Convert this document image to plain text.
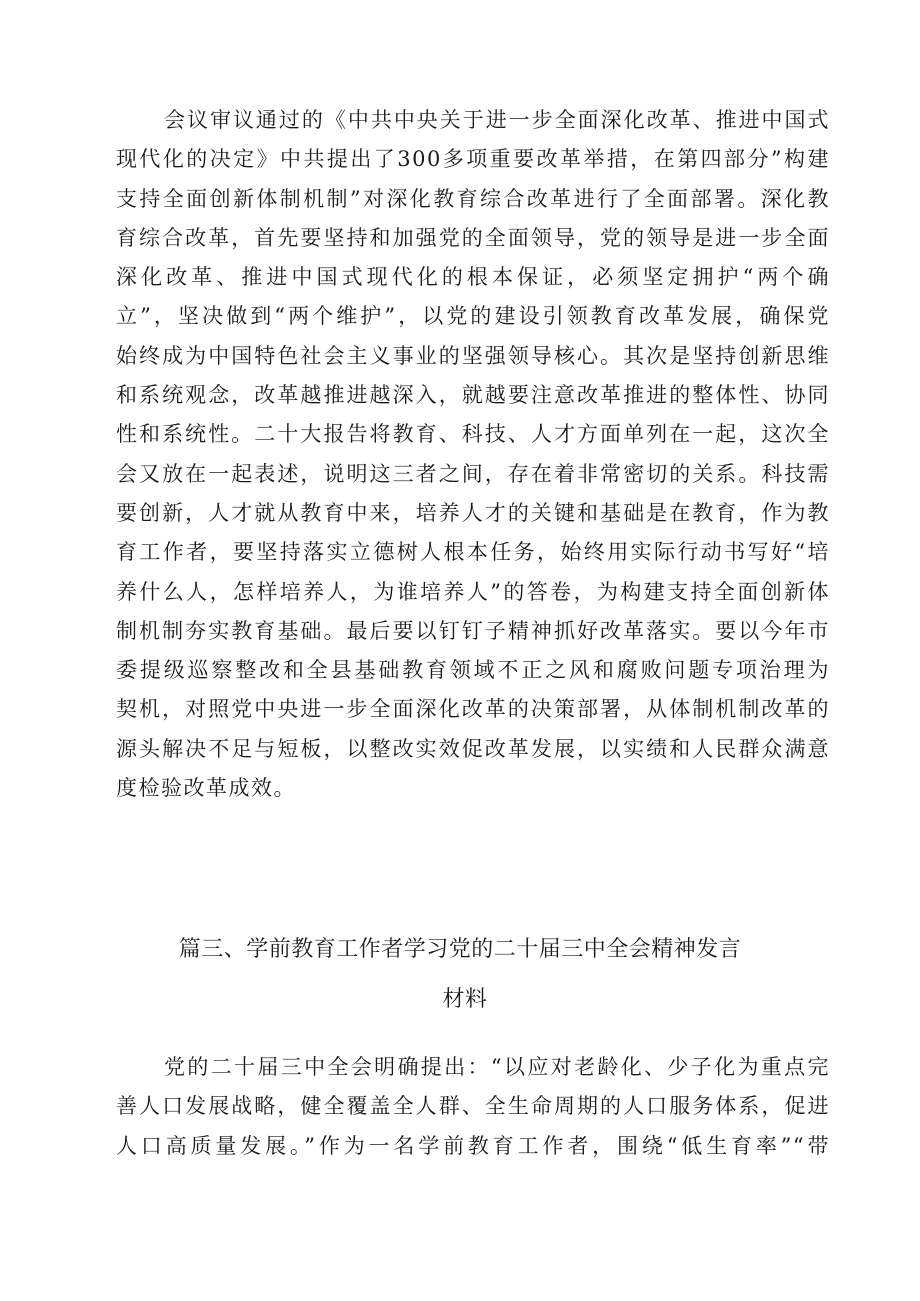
会议审议通过的《中共中央关于进一步全面深化改革、推进中国式
现代化的决定》中共提出了300多项重要改革举措，在第四部分”构建
支持全面创新体制机制”对深化教育综合改革进行了全面部署。深化教
育综合改革，首先要坚持和加强党的全面领导，党的领导是进一步全面
深化改革、推进中国式现代化的根本保证，必须坚定拥护“两个确
立”，坚决做到“两个维护”，以党的建设引领教育改革发展，确保党
始终成为中国特色社会主义事业的坚强领导核心。其次是坚持创新思维
和系统观念，改革越推进越深入，就越要注意改革推进的整体性、协同
性和系统性。二十大报告将教育、科技、人才方面单列在一起，这次全
会又放在一起表述，说明这三者之间，存在着非常密切的关系。科技需
要创新，人才就从教育中来，培养人才的关键和基础是在教育，作为教
育工作者，要坚持落实立德树人根本任务，始终用实际行动书写好“培
养什么人，怎样培养人，为谁培养人”的答卷，为构建支持全面创新体
制机制夯实教育基础。最后要以钉钉子精神抓好改革落实。要以今年市
委提级巡察整改和全县基础教育领域不正之风和腐败问题专项治理为
契机，对照党中央进一步全面深化改革的决策部署，从体制机制改革的
源头解决不足与短板，以整改实效促改革发展，以实绩和人民群众满意
度检验改革成效。
篇三、学前教育工作者学习党的二十届三中全会精神发言
材料
党的二十届三中全会明确提出：“以应对老龄化、少子化为重点完
善人口发展战略，健全覆盖全人群、全生命周期的人口服务体系，促进
人口高质量发展。”作为一名学前教育工作者，围绕“低生育率”“带
